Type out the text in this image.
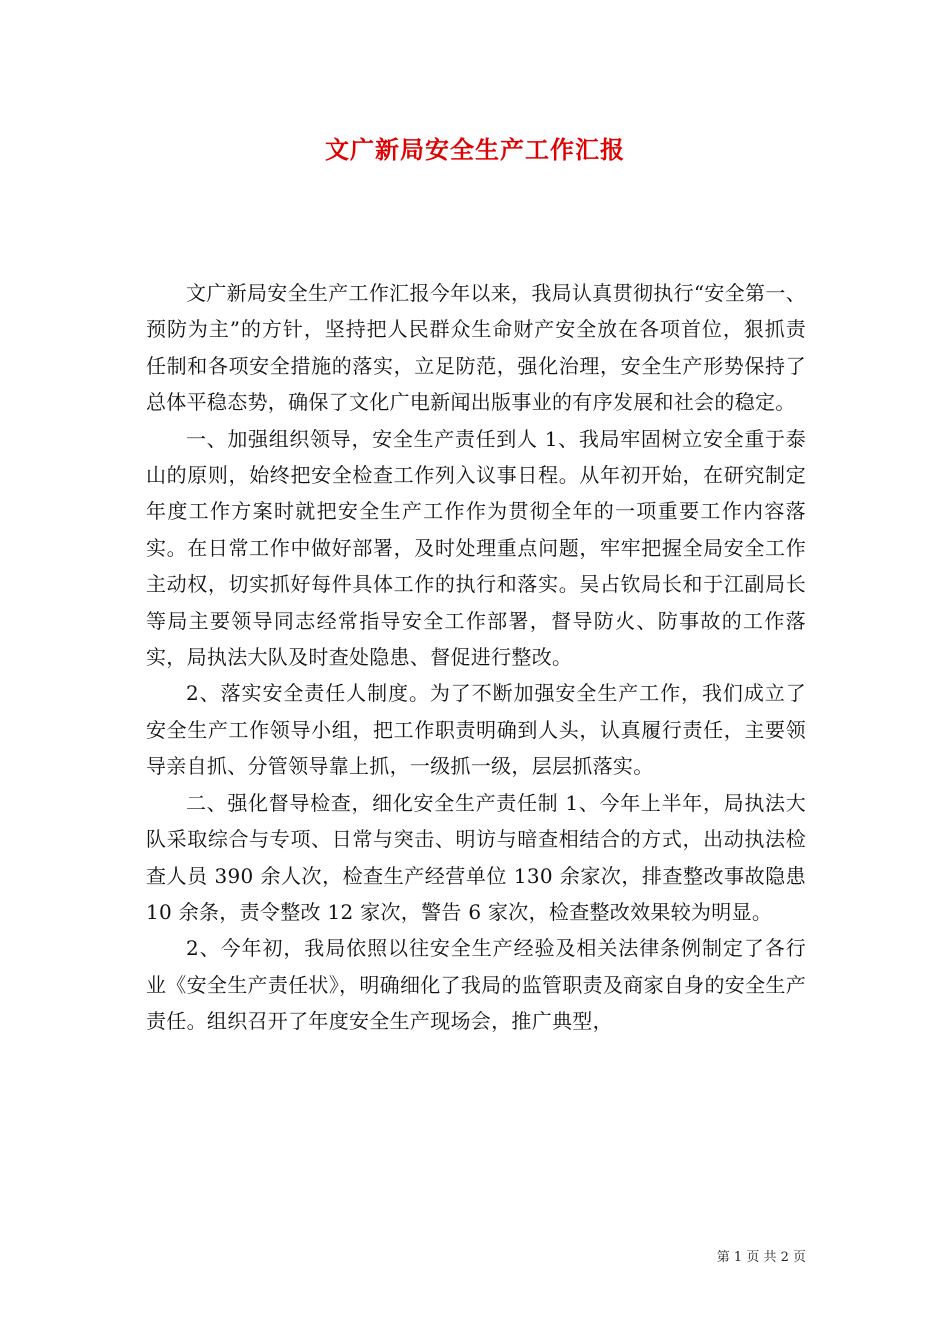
文广新局安全生产工作汇报

文广新局安全生产工作汇报今年以来，我局认真贯彻执行“安全第一、预防为主”的方针，坚持把人民群众生命财产安全放在各项首位，狠抓责任制和各项安全措施的落实，立足防范，强化治理，安全生产形势保持了总体平稳态势，确保了文化广电新闻出版事业的有序发展和社会的稳定。

一、加强组织领导，安全生产责任到人 1、我局牢固树立安全重于泰山的原则，始终把安全检查工作列入议事日程。从年初开始，在研究制定年度工作方案时就把安全生产工作作为贯彻全年的一项重要工作内容落实。在日常工作中做好部署，及时处理重点问题，牢牢把握全局安全工作主动权，切实抓好每件具体工作的执行和落实。吴占钦局长和于江副局长等局主要领导同志经常指导安全工作部署，督导防火、防事故的工作落实，局执法大队及时查处隐患、督促进行整改。

2、落实安全责任人制度。为了不断加强安全生产工作，我们成立了安全生产工作领导小组，把工作职责明确到人头，认真履行责任，主要领导亲自抓、分管领导靠上抓，一级抓一级，层层抓落实。

二、强化督导检查，细化安全生产责任制 1、今年上半年，局执法大队采取综合与专项、日常与突击、明访与暗查相结合的方式，出动执法检查人员 390 余人次，检查生产经营单位 130 余家次，排查整改事故隐患 10 余条，责令整改 12 家次，警告 6 家次，检查整改效果较为明显。

2、今年初，我局依照以往安全生产经验及相关法律条例制定了各行业《安全生产责任状》，明确细化了我局的监管职责及商家自身的安全生产责任。组织召开了年度安全生产现场会，推广典型，

第 1 页 共 2 页
